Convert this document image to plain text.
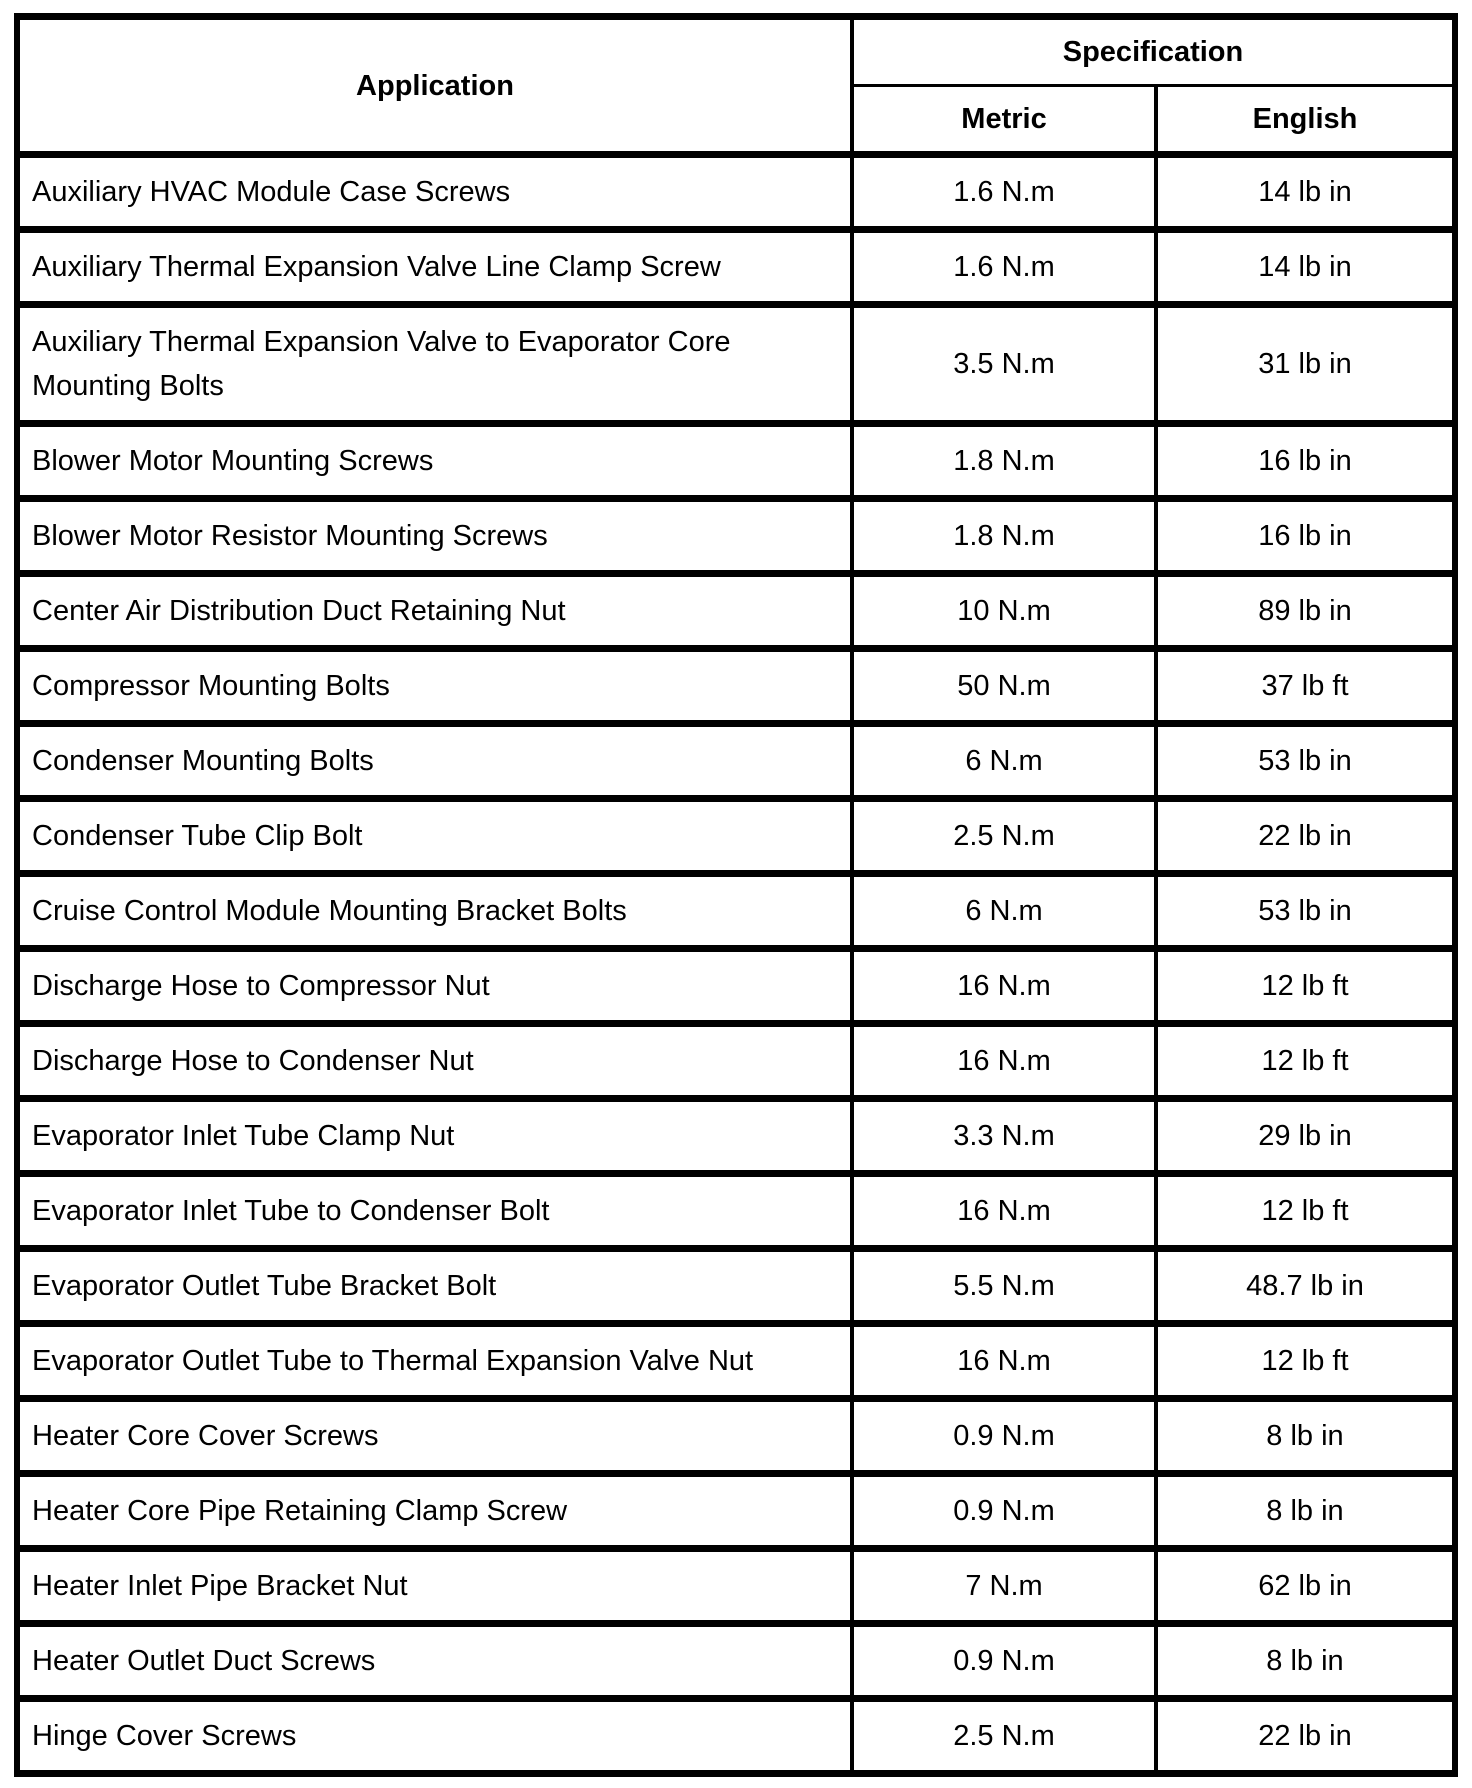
Application	Specification	
	Metric	English
Auxiliary HVAC Module Case Screws	1.6 N.m	14 lb in
Auxiliary Thermal Expansion Valve Line Clamp Screw	1.6 N.m	14 lb in
Auxiliary Thermal Expansion Valve to Evaporator Core Mounting Bolts	3.5 N.m	31 lb in
Blower Motor Mounting Screws	1.8 N.m	16 lb in
Blower Motor Resistor Mounting Screws	1.8 N.m	16 lb in
Center Air Distribution Duct Retaining Nut	10 N.m	89 lb in
Compressor Mounting Bolts	50 N.m	37 lb ft
Condenser Mounting Bolts	6 N.m	53 lb in
Condenser Tube Clip Bolt	2.5 N.m	22 lb in
Cruise Control Module Mounting Bracket Bolts	6 N.m	53 lb in
Discharge Hose to Compressor Nut	16 N.m	12 lb ft
Discharge Hose to Condenser Nut	16 N.m	12 lb ft
Evaporator Inlet Tube Clamp Nut	3.3 N.m	29 lb in
Evaporator Inlet Tube to Condenser Bolt	16 N.m	12 lb ft
Evaporator Outlet Tube Bracket Bolt	5.5 N.m	48.7 lb in
Evaporator Outlet Tube to Thermal Expansion Valve Nut	16 N.m	12 lb ft
Heater Core Cover Screws	0.9 N.m	8 lb in
Heater Core Pipe Retaining Clamp Screw	0.9 N.m	8 lb in
Heater Inlet Pipe Bracket Nut	7 N.m	62 lb in
Heater Outlet Duct Screws	0.9 N.m	8 lb in
Hinge Cover Screws	2.5 N.m	22 lb in
